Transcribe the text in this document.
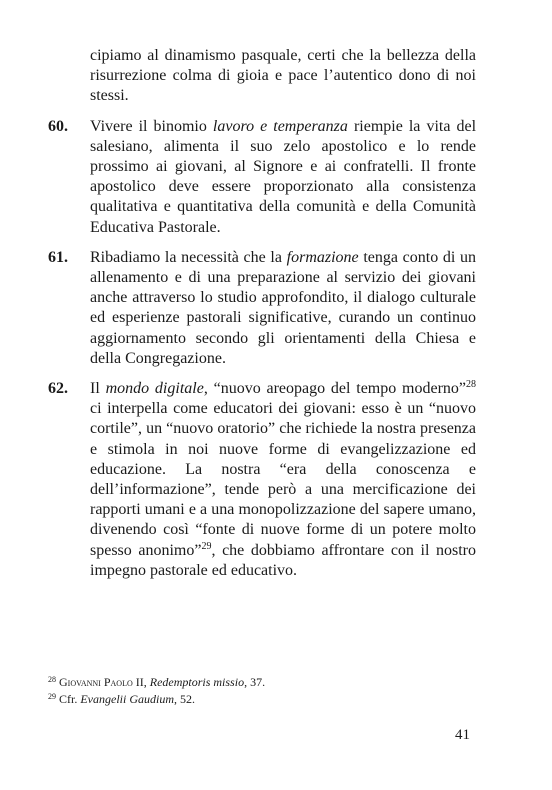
cipiamo al dinamismo pasquale, certi che la bellezza della risurrezione colma di gioia e pace l’autentico dono di noi stessi.
60.	Vivere il binomio lavoro e temperanza riempie la vita del salesiano, alimenta il suo zelo apostolico e lo rende prossimo ai giovani, al Signore e ai confratelli. Il fronte apostolico deve essere proporzionato alla consistenza qualitativa e quantitativa della comunità e della Comunità Educativa Pastorale.
61.	Ribadiamo la necessità che la formazione tenga conto di un allenamento e di una preparazione al servizio dei giovani anche attraverso lo studio approfondito, il dialogo culturale ed esperienze pastorali significative, curando un continuo aggiornamento secondo gli orientamenti della Chiesa e della Congregazione.
62.	Il mondo digitale, “nuovo areopago del tempo moderno”$^{28}$ ci interpella come educatori dei giovani: esso è un “nuovo cortile”, un “nuovo oratorio” che richiede la nostra presenza e stimola in noi nuove forme di evangelizzazione ed educazione. La nostra “era della conoscenza e dell’informazione”, tende però a una mercificazione dei rapporti umani e a una monopolizzazione del sapere umano, divenendo così “fonte di nuove forme di un potere molto spesso anonimo”$^{29}$, che dobbiamo affrontare con il nostro impegno pastorale ed educativo.
$^{28}$ Giovanni Paolo II, Redemptoris missio, 37.
$^{29}$ Cfr. Evangelii Gaudium, 52.
41
